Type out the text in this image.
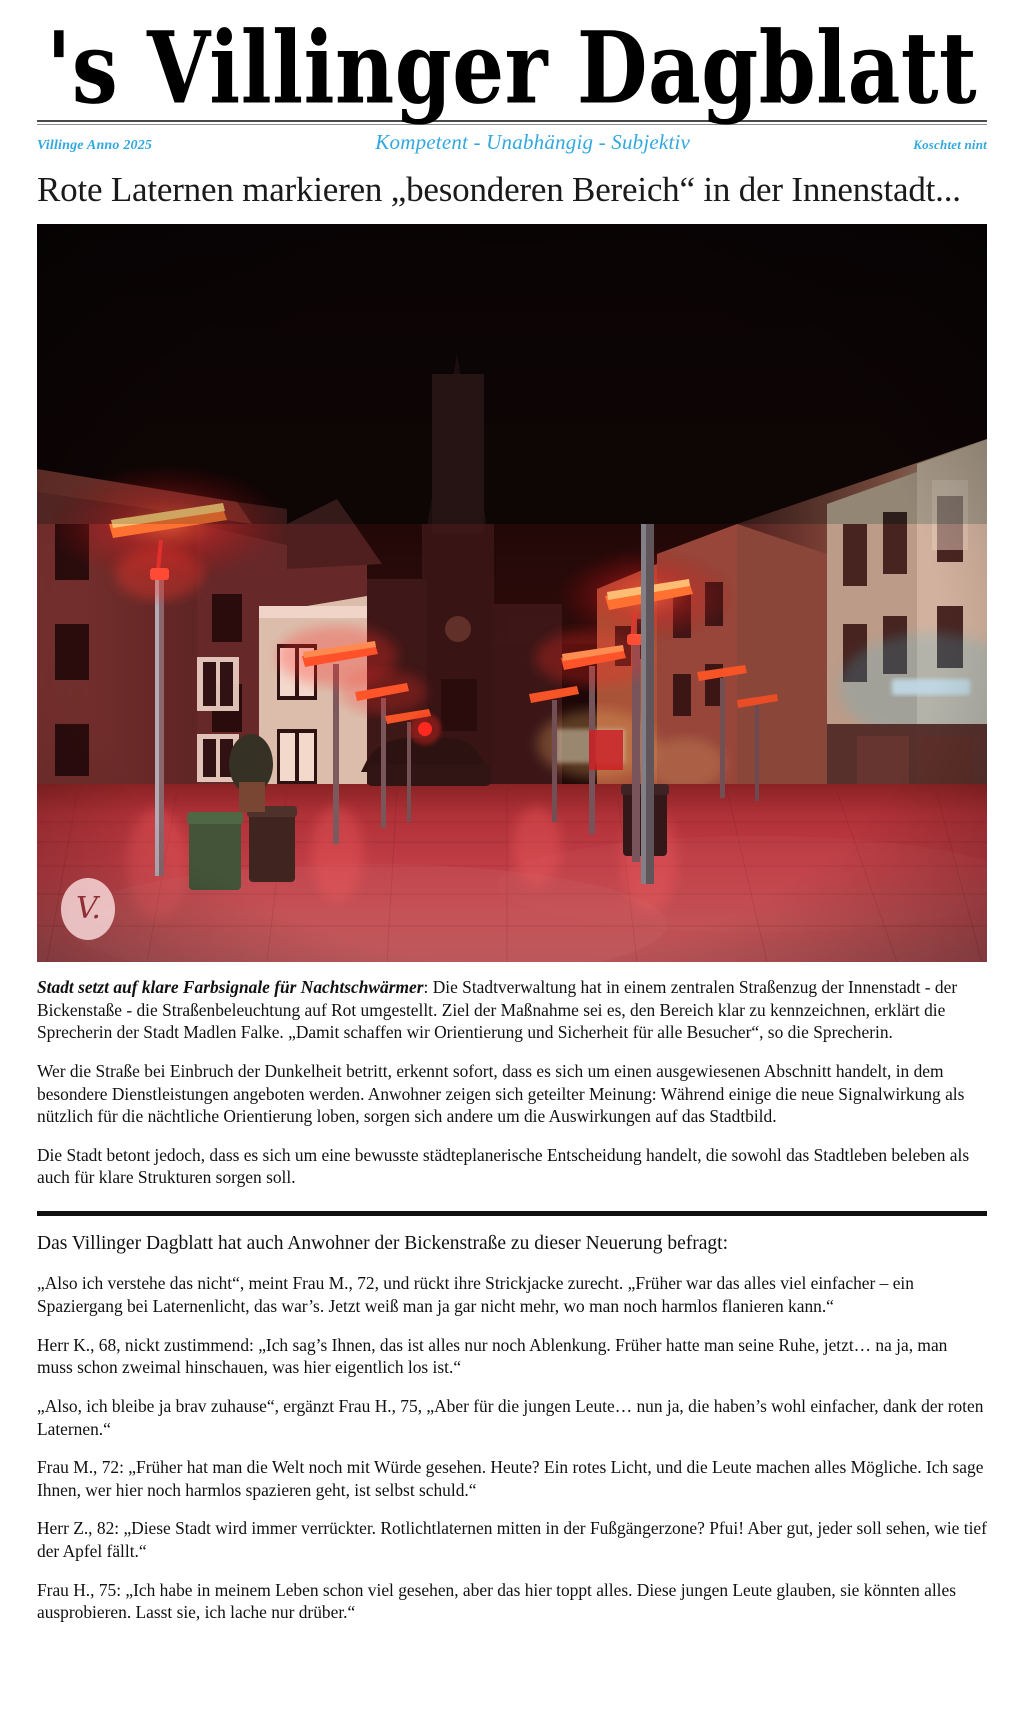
's Villinger Dagblatt
Villinge Anno 2025	Kompetent - Unabhängig - Subjektiv	Koschtet nint
Rote Laternen markieren „besonderen Bereich“ in der Innenstadt...
V.

Stadt setzt auf klare Farbsignale für Nachtschwärmer: Die Stadtverwaltung hat in einem zentralen Straßenzug der Innenstadt - der Bickenstaße - die Straßenbeleuchtung auf Rot umgestellt. Ziel der Maßnahme sei es, den Bereich klar zu kennzeichnen, erklärt die Sprecherin der Stadt Madlen Falke. „Damit schaffen wir Orientierung und Sicherheit für alle Besucher“, so die Sprecherin.

Wer die Straße bei Einbruch der Dunkelheit betritt, erkennt sofort, dass es sich um einen ausgewiesenen Abschnitt handelt, in dem besondere Dienstleistungen angeboten werden. Anwohner zeigen sich geteilter Meinung: Während einige die neue Signalwirkung als nützlich für die nächtliche Orientierung loben, sorgen sich andere um die Auswirkungen auf das Stadtbild.

Die Stadt betont jedoch, dass es sich um eine bewusste städteplanerische Entscheidung handelt, die sowohl das Stadtleben beleben als auch für klare Strukturen sorgen soll.

Das Villinger Dagblatt hat auch Anwohner der Bickenstraße zu dieser Neuerung befragt:

„Also ich verstehe das nicht“, meint Frau M., 72, und rückt ihre Strickjacke zurecht. „Früher war das alles viel einfacher – ein Spaziergang bei Laternenlicht, das war’s. Jetzt weiß man ja gar nicht mehr, wo man noch harmlos flanieren kann.“

Herr K., 68, nickt zustimmend: „Ich sag’s Ihnen, das ist alles nur noch Ablenkung. Früher hatte man seine Ruhe, jetzt… na ja, man muss schon zweimal hinschauen, was hier eigentlich los ist.“

„Also, ich bleibe ja brav zuhause“, ergänzt Frau H., 75, „Aber für die jungen Leute… nun ja, die haben’s wohl einfacher, dank der roten Laternen.“

Frau M., 72: „Früher hat man die Welt noch mit Würde gesehen. Heute? Ein rotes Licht, und die Leute machen alles Mögliche. Ich sage Ihnen, wer hier noch harmlos spazieren geht, ist selbst schuld.“

Herr Z., 82: „Diese Stadt wird immer verrückter. Rotlichtlaternen mitten in der Fußgängerzone? Pfui! Aber gut, jeder soll sehen, wie tief der Apfel fällt.“

Frau H., 75: „Ich habe in meinem Leben schon viel gesehen, aber das hier toppt alles. Diese jungen Leute glauben, sie könnten alles ausprobieren. Lasst sie, ich lache nur drüber.“
